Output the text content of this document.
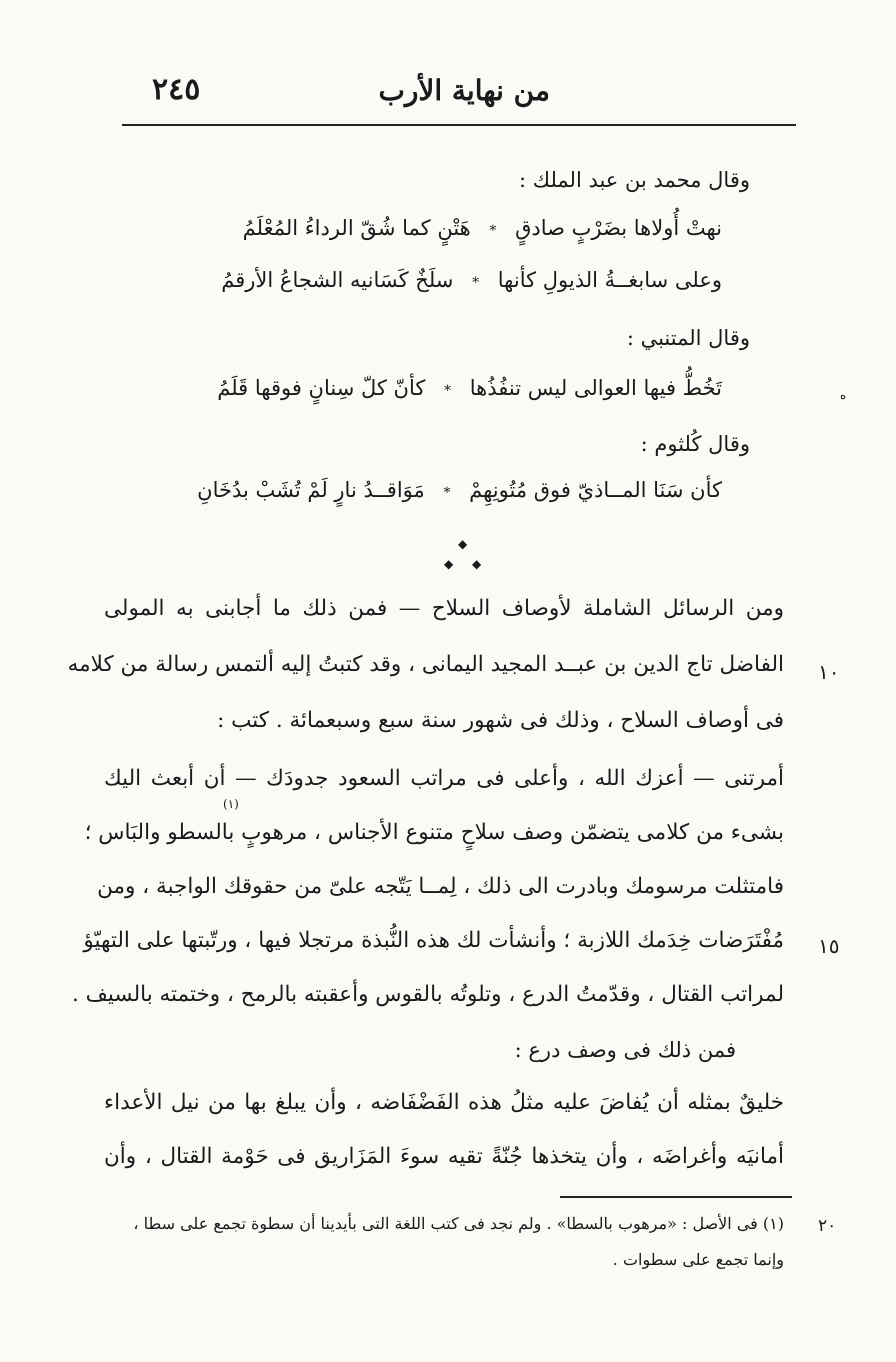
٢٤٥	من نهاية الأرب
وقال محمد بن عبد الملك :
نهتْ أُولاها بضَرْبٍ صادقٍ * هَتْنٍ كما شُقّ الرداءُ المُعْلَمُ
وعلى سابغــةُ الذيولِ كأنها * سلَخٌ كَسَانيه الشجاعُ الأرقمُ
وقال المتنبي :
تَخُطُّ فيها العوالى ليس تنفُذُها * كأنّ كلّ سِنانٍ فوقها قَلَمُ	ه
وقال كُلثوم :
كأن سَنَا المــاذيّ فوق مُتُونِهِمْ * مَوَاقــدُ نارٍ لَمْ تُشَبْ بدُخَانِ
◆
◆ ◆
ومن الرسائل الشاملة لأوصاف السلاح — فمن ذلك ما أجابنى به المولى
الفاضل تاج الدين بن عبــد المجيد اليمانى ، وقد كتبتُ إليه ألتمس رسالة من كلامه ١٠
فى أوصاف السلاح ، وذلك فى شهور سنة سبع وسبعمائة . كتب :
أمرتنى — أعزك الله ، وأعلى فى مراتب السعود جدودَك — أن أبعث اليك
(١)
بشىء من كلامى يتضمّن وصف سلاحٍ متنوع الأجناس ، مرهوبٍ بالسطو والبَاس ؛
فامتثلت مرسومك وبادرت الى ذلك ، لِمــا يَتّجه علىّ من حقوقك الواجبة ، ومن
مُفْتَرَضات خِدَمك اللازبة ؛ وأنشأت لك هذه النُّبذة مرتجلا فيها ، ورتّبتها على التهيّؤ ١٥
لمراتب القتال ، وقدّمتُ الدرع ، وتلوتُه بالقوس وأعقبته بالرمح ، وختمته بالسيف .
فمن ذلك فى وصف درع :
خليقٌ بمثله أن يُفاضَ عليه مثلُ هذه الفَضْفَاضه ، وأن يبلغ بها من نيل الأعداء
أمانيَه وأغراضَه ، وأن يتخذها جُنّةً تقيه سوءَ المَزَاريق فى حَوْمة القتال ، وأن
(١) فى الأصل : «مرهوب بالسطا» . ولم نجد فى كتب اللغة التى بأيدينا أن سطوة تجمع على سطا ، ٢٠
وإنما تجمع على سطوات .
